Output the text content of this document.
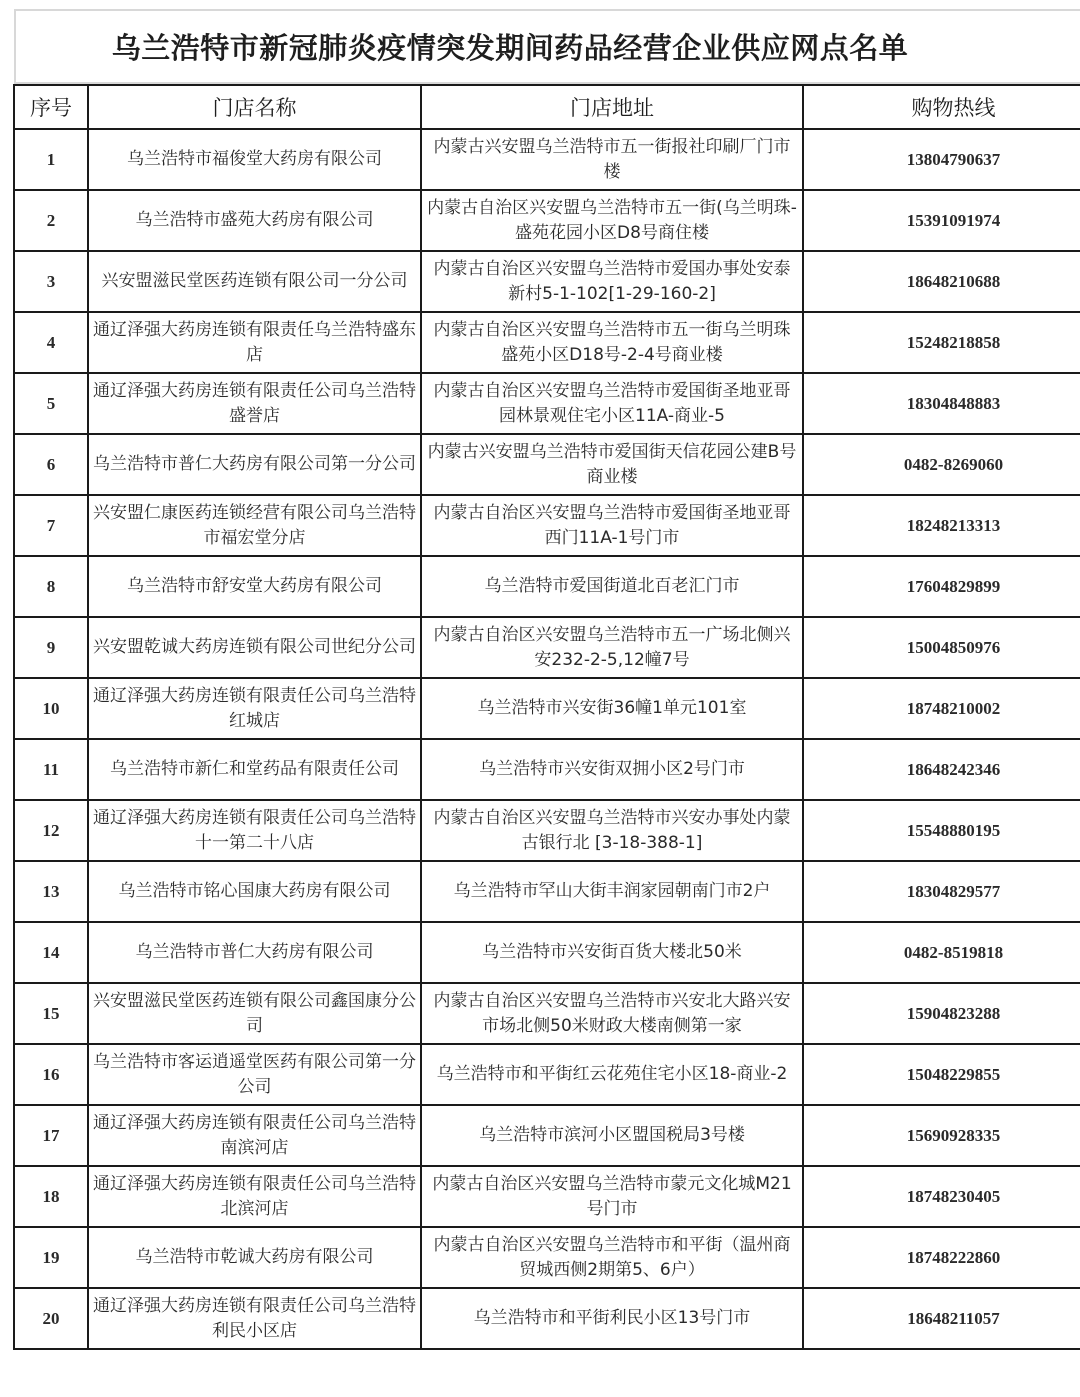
乌兰浩特市新冠肺炎疫情突发期间药品经营企业供应网点名单
序号	门店名称	门店地址	购物热线
1	乌兰浩特市福俊堂大药房有限公司	内蒙古兴安盟乌兰浩特市五一街报社印刷厂门市楼	13804790637
2	乌兰浩特市盛苑大药房有限公司	内蒙古自治区兴安盟乌兰浩特市五一街(乌兰明珠-盛苑花园小区D8号商住楼	15391091974
3	兴安盟滋民堂医药连锁有限公司一分公司	内蒙古自治区兴安盟乌兰浩特市爱国办事处安泰新村5-1-102[1-29-160-2]	18648210688
4	通辽泽强大药房连锁有限责任乌兰浩特盛东店	内蒙古自治区兴安盟乌兰浩特市五一街乌兰明珠盛苑小区D18号-2-4号商业楼	15248218858
5	通辽泽强大药房连锁有限责任公司乌兰浩特盛誉店	内蒙古自治区兴安盟乌兰浩特市爱国街圣地亚哥园林景观住宅小区11A-商业-5	18304848883
6	乌兰浩特市普仁大药房有限公司第一分公司	内蒙古兴安盟乌兰浩特市爱国街天信花园公建B号商业楼	0482-8269060
7	兴安盟仁康医药连锁经营有限公司乌兰浩特市福宏堂分店	内蒙古自治区兴安盟乌兰浩特市爱国街圣地亚哥西门11A-1号门市	18248213313
8	乌兰浩特市舒安堂大药房有限公司	乌兰浩特市爱国街道北百老汇门市	17604829899
9	兴安盟乾诚大药房连锁有限公司世纪分公司	内蒙古自治区兴安盟乌兰浩特市五一广场北侧兴安232-2-5,12幢7号	15004850976
10	通辽泽强大药房连锁有限责任公司乌兰浩特红城店	乌兰浩特市兴安街36幢1单元101室	18748210002
11	乌兰浩特市新仁和堂药品有限责任公司	乌兰浩特市兴安街双拥小区2号门市	18648242346
12	通辽泽强大药房连锁有限责任公司乌兰浩特十一第二十八店	内蒙古自治区兴安盟乌兰浩特市兴安办事处内蒙古银行北 [3-18-388-1]	15548880195
13	乌兰浩特市铭心国康大药房有限公司	乌兰浩特市罕山大街丰润家园朝南门市2户	18304829577
14	乌兰浩特市普仁大药房有限公司	乌兰浩特市兴安街百货大楼北50米	0482-8519818
15	兴安盟滋民堂医药连锁有限公司鑫国康分公司	内蒙古自治区兴安盟乌兰浩特市兴安北大路兴安市场北侧50米财政大楼南侧第一家	15904823288
16	乌兰浩特市客运逍遥堂医药有限公司第一分公司	乌兰浩特市和平街红云花苑住宅小区18-商业-2	15048229855
17	通辽泽强大药房连锁有限责任公司乌兰浩特南滨河店	乌兰浩特市滨河小区盟国税局3号楼	15690928335
18	通辽泽强大药房连锁有限责任公司乌兰浩特北滨河店	内蒙古自治区兴安盟乌兰浩特市蒙元文化城M21号门市	18748230405
19	乌兰浩特市乾诚大药房有限公司	内蒙古自治区兴安盟乌兰浩特市和平街（温州商贸城西侧2期第5、6户）	18748222860
20	通辽泽强大药房连锁有限责任公司乌兰浩特利民小区店	乌兰浩特市和平街利民小区13号门市	18648211057
